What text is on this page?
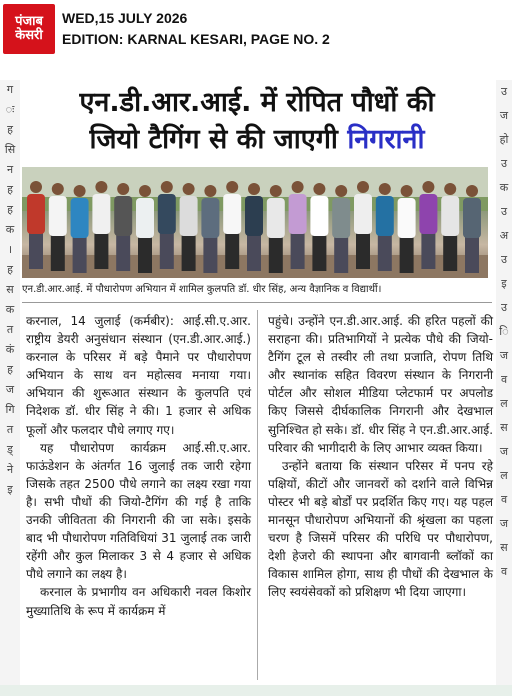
पंजाब
केसरी
WED,15 JULY 2026
EDITION: KARNAL KESARI, PAGE NO. 2
ग
ः
ह
सि
न
ह
ह
क
।
ह
स
क
त
कं
ह
ज
गि
त
ड्
ने
इ
उ
ज
हो
उ
क
उ
अ
उ
इ
उ
ि
ज
व
ल
स
ज
ल
व
ज
स
व
एन.डी.आर.आई. में रोपित पौधों की
जियो टैगिंग से की जाएगी निगरानी
एन.डी.आर.आई. में पौधारोपण अभियान में शामिल कुलपति डॉ. धीर सिंह, अन्य वैज्ञानिक व विद्यार्थी।

करनाल, 14 जुलाई (कर्मबीर): आई.सी.ए.आर. राष्ट्रीय डेयरी अनुसंधान संस्थान (एन.डी.आर.आई.) करनाल के परिसर में बड़े पैमाने पर पौधारोपण अभियान के साथ वन महोत्सव मनाया गया। अभियान की शुरूआत संस्थान के कुलपति एवं निदेशक डॉ. धीर सिंह ने की। 1 हजार से अधिक फूलों और फलदार पौधे लगाए गए।

यह पौधारोपण कार्यक्रम आई.सी.ए.आर. फाऊंडेशन के अंतर्गत 16 जुलाई तक जारी रहेगा जिसके तहत 2500 पौधे लगाने का लक्ष्य रखा गया है। सभी पौधों की जियो-टैगिंग की गई है ताकि उनकी जीवितता की निगरानी की जा सके। इसके बाद भी पौधारोपण गतिविधियां 31 जुलाई तक जारी रहेंगी और कुल मिलाकर 3 से 4 हजार से अधिक पौधे लगाने का लक्ष्य है।

करनाल के प्रभागीय वन अधिकारी नवल किशोर मुख्यातिथि के रूप में कार्यक्रम में

पहुंचे। उन्होंने एन.डी.आर.आई. की हरित पहलों की सराहना की। प्रतिभागियों ने प्रत्येक पौधे की जियो-टैगिंग टूल से तस्वीर ली तथा प्रजाति, रोपण तिथि और स्थानांक सहित विवरण संस्थान के निगरानी पोर्टल और सोशल मीडिया प्लेटफार्म पर अपलोड किए जिससे दीर्घकालिक निगरानी और देखभाल सुनिश्चित हो सके। डॉ. धीर सिंह ने एन.डी.आर.आई. परिवार की भागीदारी के लिए आभार व्यक्त किया।

उन्होंने बताया कि संस्थान परिसर में पनप रहे पक्षियों, कीटों और जानवरों को दर्शाने वाले विभिन्न पोस्टर भी बड़े बोर्डों पर प्रदर्शित किए गए। यह पहल मानसून पौधारोपण अभियानों की श्रृंखला का पहला चरण है जिसमें परिसर की परिधि पर पौधारोपण, देशी हेजरो की स्थापना और बागवानी ब्लॉकों का विकास शामिल होगा, साथ ही पौधों की देखभाल के लिए स्वयंसेवकों को प्रशिक्षण भी दिया जाएगा।
